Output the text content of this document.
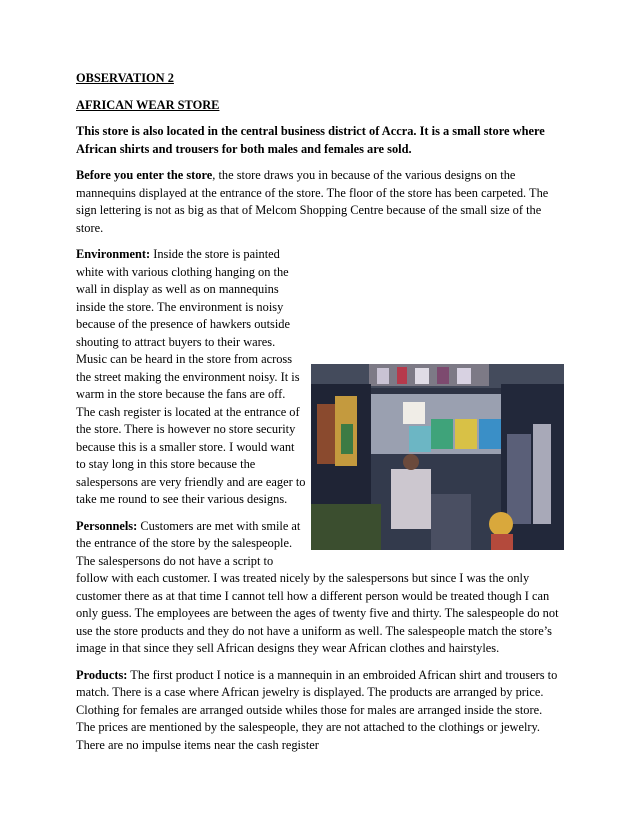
OBSERVATION 2
AFRICAN WEAR STORE
This store is also located in the central business district of Accra. It is a small store where African shirts and trousers for both males and females are sold.
Before you enter the store, the store draws you in because of the various designs on the mannequins displayed at the entrance of the store. The floor of the store has been carpeted. The sign lettering is not as big as that of Melcom Shopping Centre because of the small size of the store.
Environment: Inside the store is painted white with various clothing hanging on the wall in display as well as on mannequins inside the store. The environment is noisy because of the presence of hawkers outside shouting to attract buyers to their wares. Music can be heard in the store from across the street making the environment noisy. It is warm in the store because the fans are off. The cash register is located at the entrance of the store. There is however no store security because this is a smaller store. I would want to stay long in this store because the salespersons are very friendly and are eager to take me round to see their various designs.
Personnels: Customers are met with smile at the entrance of the store by the salespeople. The salespersons do not have a script to follow with each customer. I was treated nicely by the salespersons but since I was the only customer there as at that time I cannot tell how a different person would be treated though I can only guess. The employees are between the ages of twenty five and thirty. The salespeople do not use the store products and they do not have a uniform as well. The salespeople match the store’s image in that since they sell African designs they wear African clothes and hairstyles.
Products: The first product I notice is a mannequin in an embroided African shirt and trousers to match. There is a case where African jewelry is displayed. The products are arranged by price. Clothing for females are arranged outside whiles those for males are arranged inside the store. The prices are mentioned by the salespeople, they are not attached to the clothings or jewelry. There are no impulse items near the cash register
